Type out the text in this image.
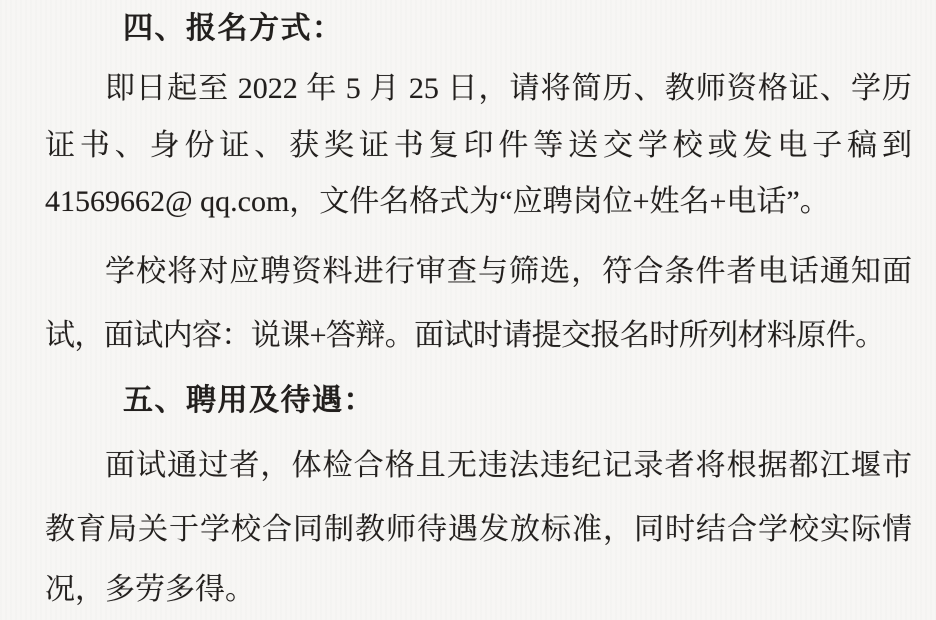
四、报名方式：
即日起至 2022 年 5 月 25 日，请将简历、教师资格证、学历
证书、身份证、获奖证书复印件等送交学校或发电子稿到
41569662@ qq.com，文件名格式为“应聘岗位+姓名+电话”。
学校将对应聘资料进行审查与筛选，符合条件者电话通知面
试，面试内容：说课+答辩。面试时请提交报名时所列材料原件。
五、聘用及待遇：
面试通过者，体检合格且无违法违纪记录者将根据都江堰市
教育局关于学校合同制教师待遇发放标准，同时结合学校实际情
况，多劳多得。
